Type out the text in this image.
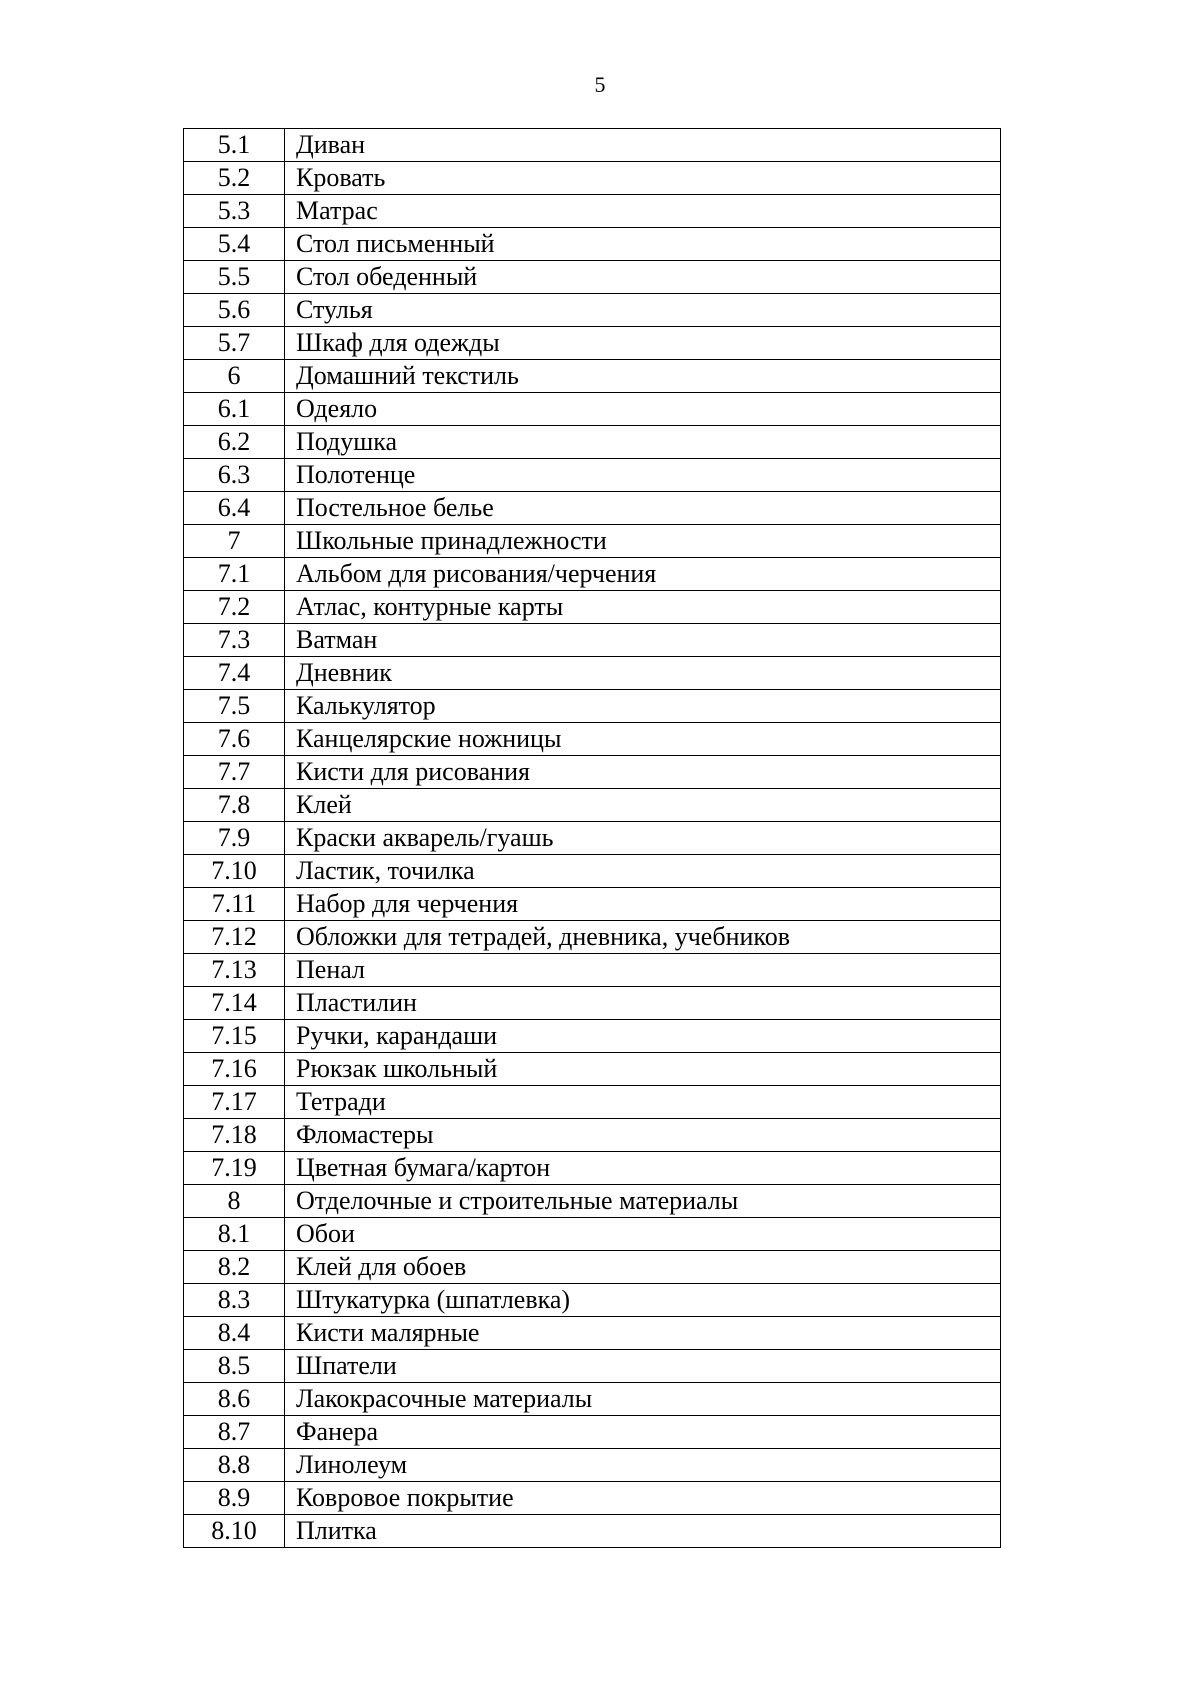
5
5.1	Диван
5.2	Кровать
5.3	Матрас
5.4	Стол письменный
5.5	Стол обеденный
5.6	Стулья
5.7	Шкаф для одежды
6	Домашний текстиль
6.1	Одеяло
6.2	Подушка
6.3	Полотенце
6.4	Постельное белье
7	Школьные принадлежности
7.1	Альбом для рисования/черчения
7.2	Атлас, контурные карты
7.3	Ватман
7.4	Дневник
7.5	Калькулятор
7.6	Канцелярские ножницы
7.7	Кисти для рисования
7.8	Клей
7.9	Краски акварель/гуашь
7.10	Ластик, точилка
7.11	Набор для черчения
7.12	Обложки для тетрадей, дневника, учебников
7.13	Пенал
7.14	Пластилин
7.15	Ручки, карандаши
7.16	Рюкзак школьный
7.17	Тетради
7.18	Фломастеры
7.19	Цветная бумага/картон
8	Отделочные и строительные материалы
8.1	Обои
8.2	Клей для обоев
8.3	Штукатурка (шпатлевка)
8.4	Кисти малярные
8.5	Шпатели
8.6	Лакокрасочные материалы
8.7	Фанера
8.8	Линолеум
8.9	Ковровое покрытие
8.10	Плитка
